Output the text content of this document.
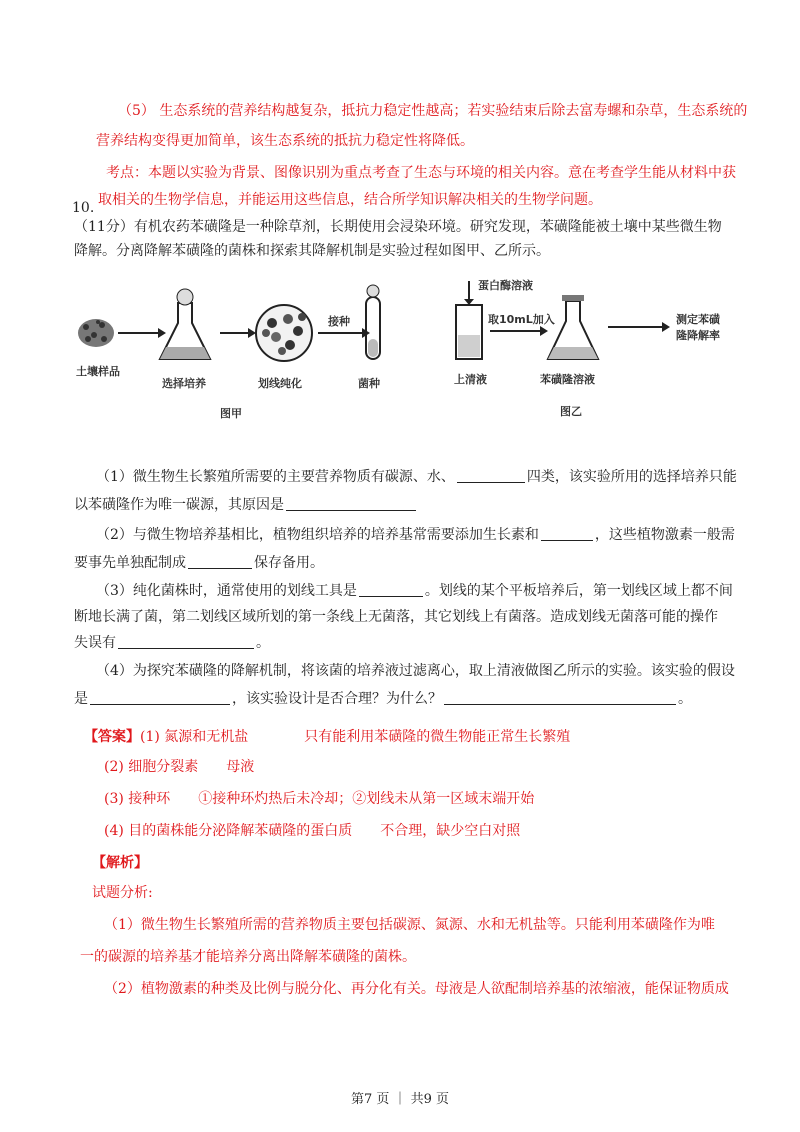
（5） 生态系统的营养结构越复杂，抵抗力稳定性越高；若实验结束后除去富寿螺和杂草，生态系统的
营养结构变得更加简单，该生态系统的抵抗力稳定性将降低。
考点：本题以实验为背景、图像识别为重点考查了生态与环境的相关内容。意在考查学生能从材料中获
取相关的生物学信息，并能运用这些信息，结合所学知识解决相关的生物学问题。
10.
（11分）有机农药苯磺隆是一种除草剂，长期使用会浸染环境。研究发现，苯磺隆能被土壤中某些微生物
降解。分离降解苯磺隆的菌株和探索其降解机制是实验过程如图甲、乙所示。
土壤样品
选择培养	划线纯化
接种
菌种
图甲
蛋白酶溶液
取10mL加入
上清液	苯磺隆溶液
测定苯磺
隆降解率
图乙
（1）微生物生长繁殖所需要的主要营养物质有碳源、水、	四类，该实验所用的选择培养只能
以苯磺隆作为唯一碳源，其原因是
（2）与微生物培养基相比，植物组织培养的培养基常需要添加生长素和	，这些植物激素一般需
要事先单独配制成	保存备用。
（3）纯化菌株时，通常使用的划线工具是	。划线的某个平板培养后，第一划线区域上都不间
断地长满了菌，第二划线区域所划的第一条线上无菌落，其它划线上有菌落。造成划线无菌落可能的操作
失误有	。
（4）为探究苯磺隆的降解机制，将该菌的培养液过滤离心，取上清液做图乙所示的实验。该实验的假设
是	，该实验设计是否合理？为什么？	。
【答案】(1) 氮源和无机盐	只有能利用苯磺隆的微生物能正常生长繁殖
(2) 细胞分裂素　　母液
(3) 接种环　　①接种环灼热后未冷却；②划线未从第一区域末端开始
(4) 目的菌株能分泌降解苯磺隆的蛋白质　　不合理，缺少空白对照
【解析】
试题分析:
（1）微生物生长繁殖所需的营养物质主要包括碳源、氮源、水和无机盐等。只能利用苯磺隆作为唯
一的碳源的培养基才能培养分离出降解苯磺隆的菌株。
（2）植物激素的种类及比例与脱分化、再分化有关。母液是人欲配制培养基的浓缩液，能保证物质成
第7 页 ｜ 共9 页
